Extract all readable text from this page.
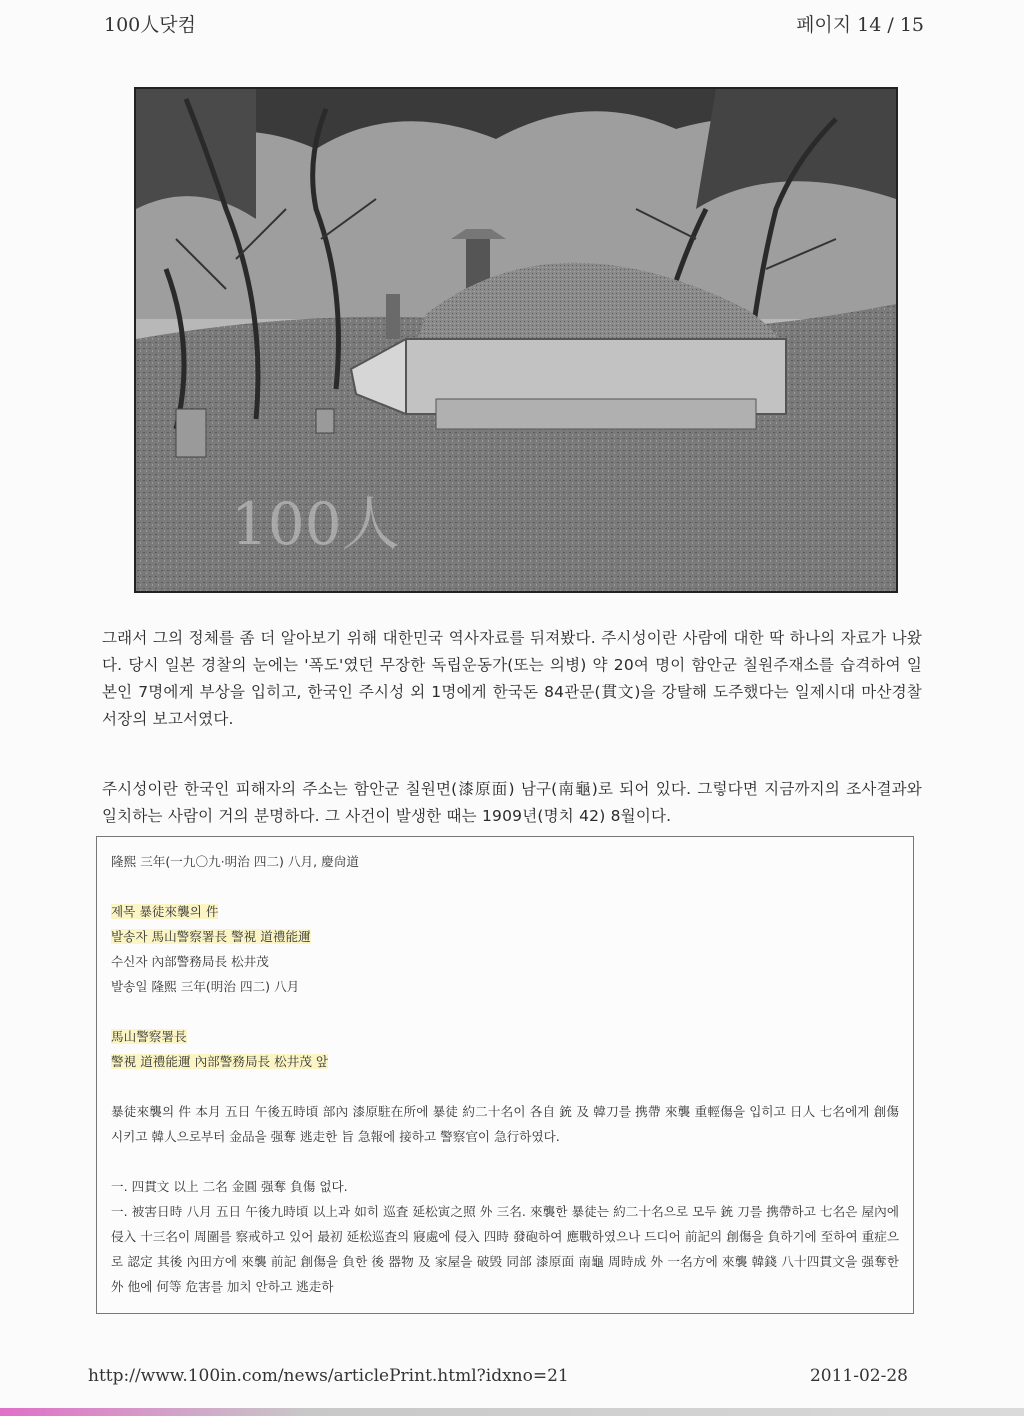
100人닷컴	페이지 14 / 15
100人

그래서 그의 정체를 좀 더 알아보기 위해 대한민국 역사자료를 뒤져봤다. 주시성이란 사람에 대한 딱 하나의 자료가 나왔다. 당시 일본 경찰의 눈에는 '폭도'였던 무장한 독립운동가(또는 의병) 약 20여 명이 함안군 칠원주재소를 습격하여 일본인 7명에게 부상을 입히고, 한국인 주시성 외 1명에게 한국돈 84관문(貫文)을 강탈해 도주했다는 일제시대 마산경찰서장의 보고서였다.

주시성이란 한국인 피해자의 주소는 함안군 칠원면(漆原面) 남구(南龜)로 되어 있다. 그렇다면 지금까지의 조사결과와 일치하는 사람이 거의 분명하다. 그 사건이 발생한 때는 1909년(명치 42) 8월이다.

隆熙 三年(一九〇九·明治 四二) 八月, 慶尙道

제목 暴徒來襲의 件

발송자 馬山警察署長 警視 道禮能邇

수신자 內部警務局長 松井茂

발송일 隆熙 三年(明治 四二) 八月

馬山警察署長

警視 道禮能邇 內部警務局長 松井茂 앞

暴徒來襲의 件 本月 五日 午後五時頃 部內 漆原駐在所에 暴徒 約二十名이 各自 銃 及 韓刀를 携帶 來襲 重輕傷을 입히고 日人 七名에게 創傷시키고 韓人으로부터 金品을 强奪 逃走한 旨 急報에 接하고 警察官이 急行하였다.

一. 四貫文 以上 二名 金圓 强奪 負傷 없다.

一. 被害日時 八月 五日 午後九時頃 以上과 如히 巡査 延松寅之照 外 三名. 來襲한 暴徒는 約二十名으로 모두 銃 刀를 携帶하고 七名은 屋內에 侵入 十三名이 周圍를 察戒하고 있어 最初 延松巡査의 寢處에 侵入 四時 發砲하여 應戰하였으나 드디어 前記의 創傷을 負하기에 至하여 重症으로 認定 其後 內田方에 來襲 前記 創傷을 負한 後 器物 及 家屋을 破毁 同部 漆原面 南龜 周時成 外 一名方에 來襲 韓錢 八十四貫文을 强奪한 外 他에 何等 危害를 加치 안하고 逃走하

http://www.100in.com/news/articlePrint.html?idxno=21	2011-02-28
